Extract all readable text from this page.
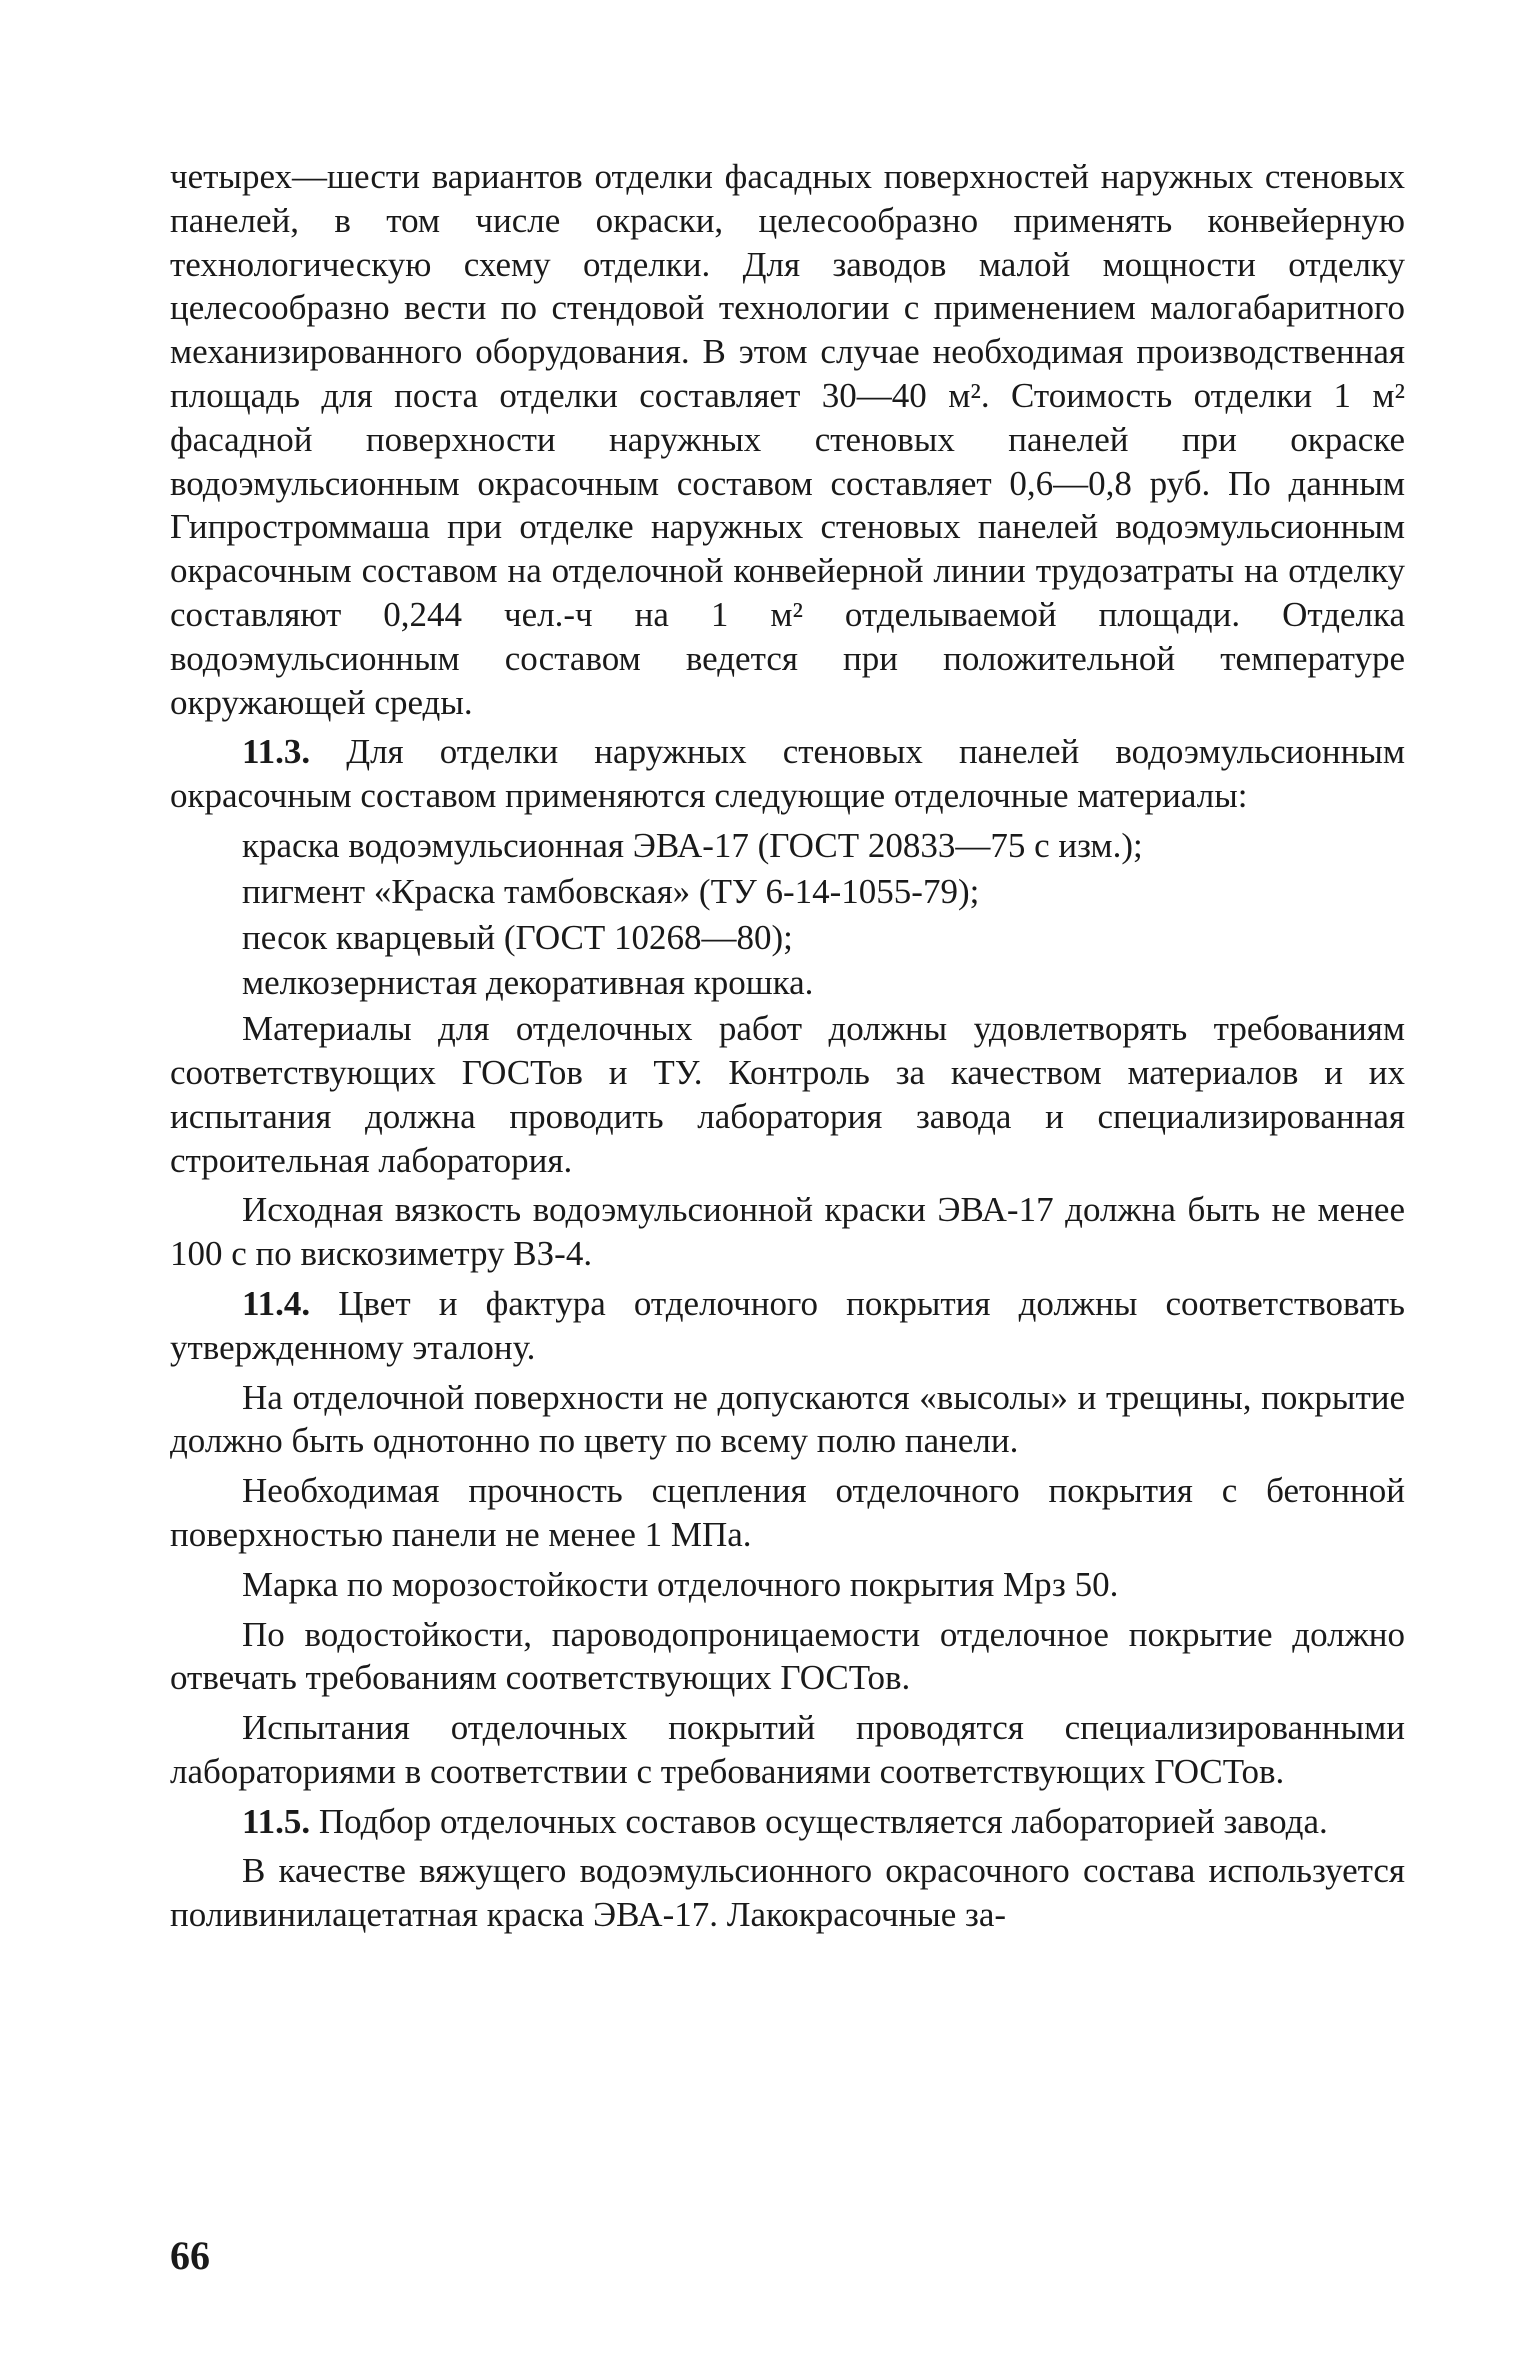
четырех—шести вариантов отделки фасадных поверхностей наружных стеновых панелей, в том числе окраски, целесообразно применять конвейерную технологическую схему отделки. Для заводов малой мощности отделку целесообразно вести по стендовой технологии с применением малогабаритного механизированного оборудования. В этом случае необходимая производственная площадь для поста отделки составляет 30—40 м². Стоимость отделки 1 м² фасадной поверхности наружных стеновых панелей при окраске водоэмульсионным окрасочным составом составляет 0,6—0,8 руб. По данным Гипростроммаша при отделке наружных стеновых панелей водоэмульсионным окрасочным составом на отделочной конвейерной линии трудозатраты на отделку составляют 0,244 чел.-ч на 1 м² отделываемой площади. Отделка водоэмульсионным составом ведется при положительной температуре окружающей среды.

11.3. Для отделки наружных стеновых панелей водоэмульсионным окрасочным составом применяются следующие отделочные материалы:

краска водоэмульсионная ЭВА-17 (ГОСТ 20833—75 с изм.);

пигмент «Краска тамбовская» (ТУ 6-14-1055-79);

песок кварцевый (ГОСТ 10268—80);

мелкозернистая декоративная крошка.

Материалы для отделочных работ должны удовлетворять требованиям соответствующих ГОСТов и ТУ. Контроль за качеством материалов и их испытания должна проводить лаборатория завода и специализированная строительная лаборатория.

Исходная вязкость водоэмульсионной краски ЭВА-17 должна быть не менее 100 с по вискозиметру ВЗ-4.

11.4. Цвет и фактура отделочного покрытия должны соответствовать утвержденному эталону.

На отделочной поверхности не допускаются «высолы» и трещины, покрытие должно быть однотонно по цвету по всему полю панели.

Необходимая прочность сцепления отделочного покрытия с бетонной поверхностью панели не менее 1 МПа.

Марка по морозостойкости отделочного покрытия Мрз 50.

По водостойкости, пароводопроницаемости отделочное покрытие должно отвечать требованиям соответствующих ГОСТов.

Испытания отделочных покрытий проводятся специализированными лабораториями в соответствии с требованиями соответствующих ГОСТов.

11.5. Подбор отделочных составов осуществляется лабораторией завода.

В качестве вяжущего водоэмульсионного окрасочного состава используется поливинилацетатная краска ЭВА-17. Лакокрасочные за-

66
